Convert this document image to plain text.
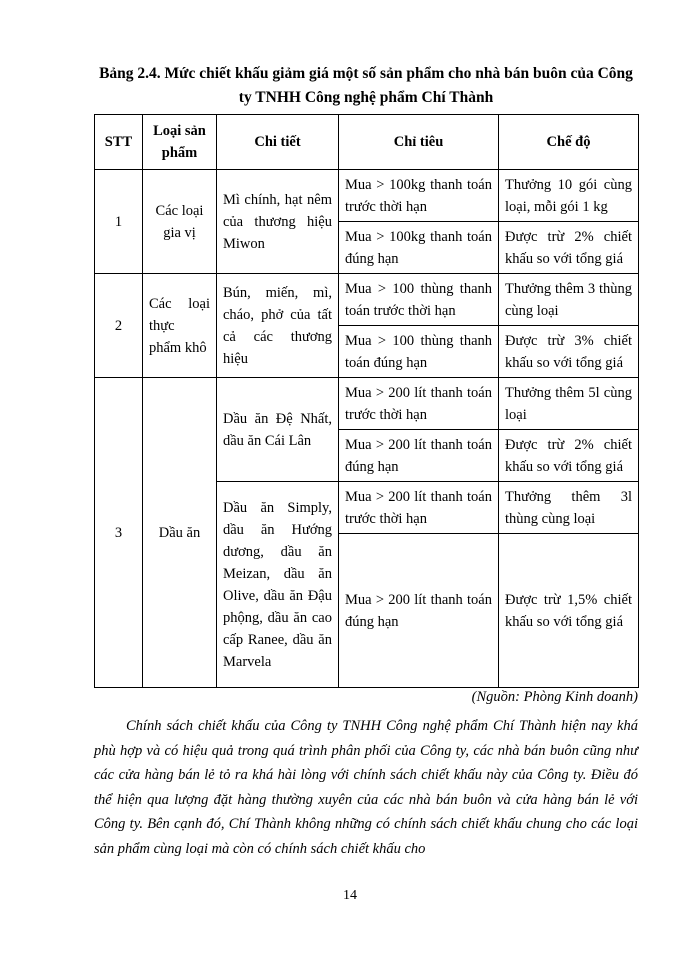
Bảng 2.4. Mức chiết khấu giảm giá một số sản phẩm cho nhà bán buôn của Công ty TNHH Công nghệ phẩm Chí Thành
STT	Loại sản phẩm	Chi tiết	Chỉ tiêu	Chế độ
1	Các loại gia vị	Mì chính, hạt nêm của thương hiệu Miwon	Mua > 100kg thanh toán trước thời hạn	Thưởng 10 gói cùng loại, mỗi gói 1 kg
			Mua > 100kg thanh toán đúng hạn	Được trừ 2% chiết khấu so với tổng giá
2	Các loại thực phẩm khô	Bún, miến, mì, cháo, phở của tất cả các thương hiệu	Mua > 100 thùng thanh toán trước thời hạn	Thưởng thêm 3 thùng cùng loại
			Mua > 100 thùng thanh toán đúng hạn	Được trừ 3% chiết khấu so với tổng giá
3	Dầu ăn	Dầu ăn Đệ Nhất, dầu ăn Cái Lân	Mua > 200 lít thanh toán trước thời hạn	Thưởng thêm 5l cùng loại
			Mua > 200 lít thanh toán đúng hạn	Được trừ 2% chiết khấu so với tổng giá
		Dầu ăn Simply, dầu ăn Hướng dương, dầu ăn Meizan, dầu ăn Olive, dầu ăn Đậu phộng, dầu ăn cao cấp Ranee, dầu ăn Marvela	Mua > 200 lít thanh toán trước thời hạn	Thưởng thêm 3l thùng cùng loại
			Mua > 200 lít thanh toán đúng hạn	Được trừ 1,5% chiết khấu so với tổng giá
(Nguồn: Phòng Kinh doanh)
Chính sách chiết khấu của Công ty TNHH Công nghệ phẩm Chí Thành hiện nay khá phù hợp và có hiệu quả trong quá trình phân phối của Công ty, các nhà bán buôn cũng như các cửa hàng bán lẻ tỏ ra khá hài lòng với chính sách chiết khấu này của Công ty. Điều đó thể hiện qua lượng đặt hàng thường xuyên của các nhà bán buôn và cửa hàng bán lẻ với Công ty. Bên cạnh đó, Chí Thành không những có chính sách chiết khấu chung cho các loại sản phẩm cùng loại mà còn có chính sách chiết khấu cho
14
